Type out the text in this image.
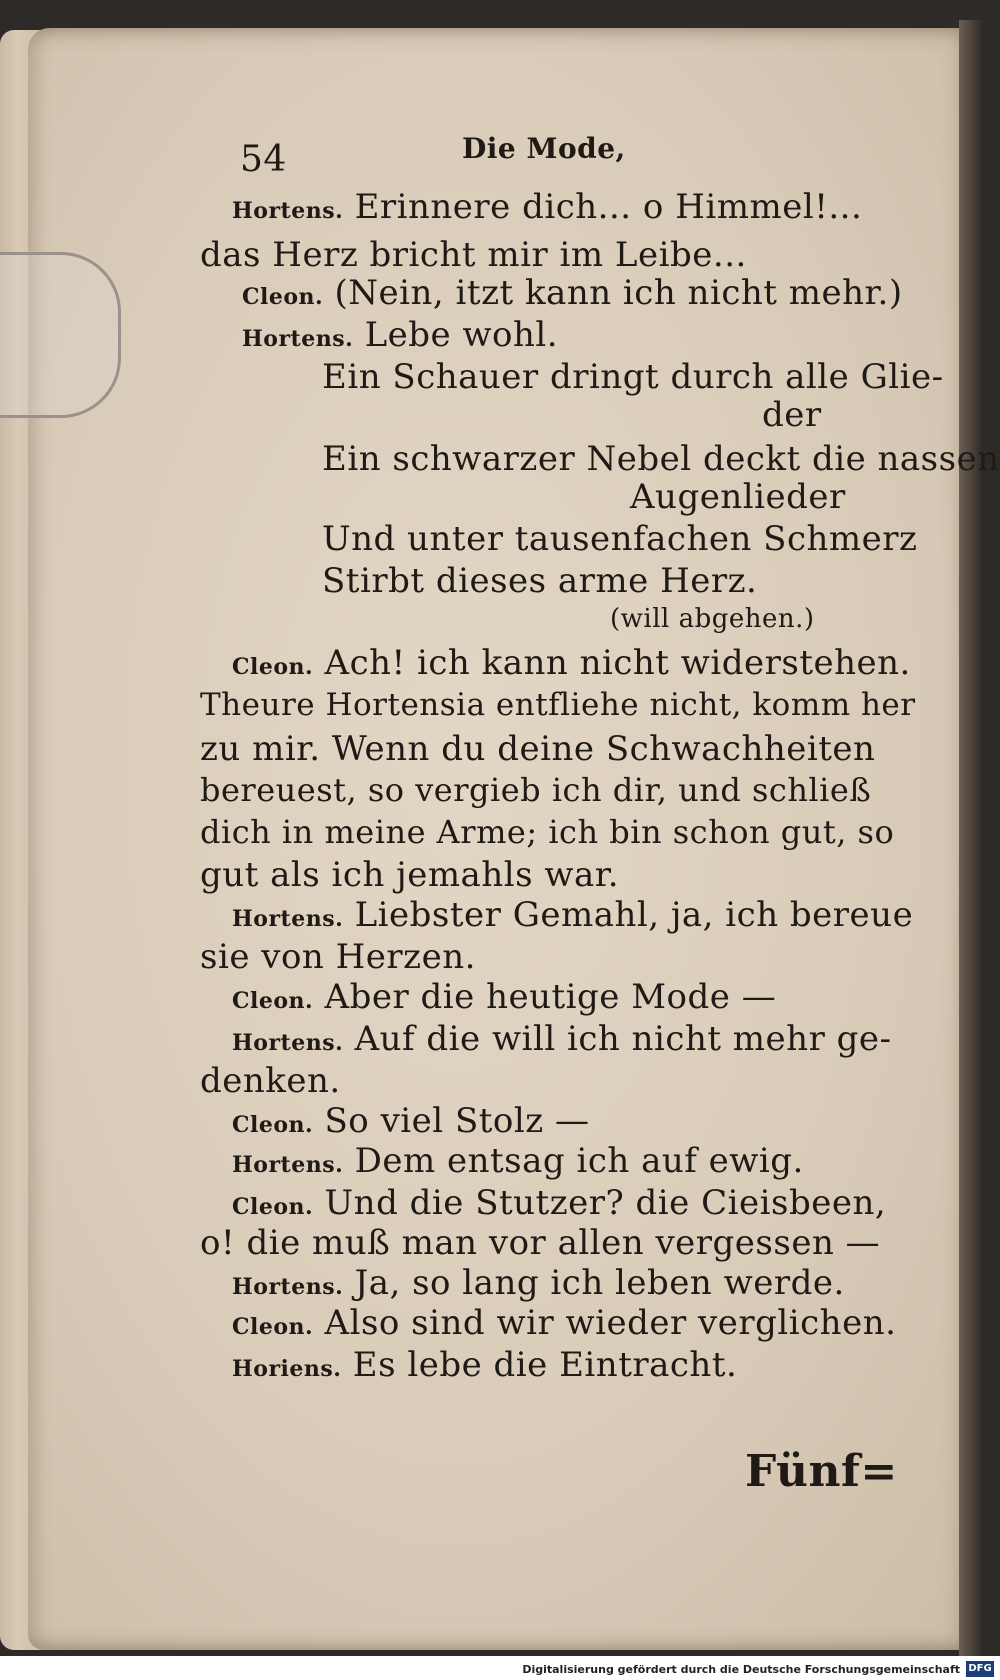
54	Die Mode,
Hortens. Erinnere dich... o Himmel!...
das Herz bricht mir im Leibe...
Cleon. (Nein, itzt kann ich nicht mehr.)
Hortens. Lebe wohl.
Ein Schauer dringt durch alle Glie-
der
Ein schwarzer Nebel deckt die nassen
Augenlieder
Und unter tausenfachen Schmerz
Stirbt dieses arme Herz.
(will abgehen.)
Cleon. Ach! ich kann nicht widerstehen.
Theure Hortensia entfliehe nicht, komm her
zu mir. Wenn du deine Schwachheiten
bereuest, so vergieb ich dir, und schließ
dich in meine Arme; ich bin schon gut, so
gut als ich jemahls war.
Hortens. Liebster Gemahl, ja, ich bereue
sie von Herzen.
Cleon. Aber die heutige Mode —
Hortens. Auf die will ich nicht mehr ge-
denken.
Cleon. So viel Stolz —
Hortens. Dem entsag ich auf ewig.
Cleon. Und die Stutzer? die Cieisbeen,
o! die muß man vor allen vergessen —
Hortens. Ja, so lang ich leben werde.
Cleon. Also sind wir wieder verglichen.
Horiens. Es lebe die Eintracht.
Fünf=
Digitalisierung gefördert durch die Deutsche Forschungsgemeinschaft DFG
